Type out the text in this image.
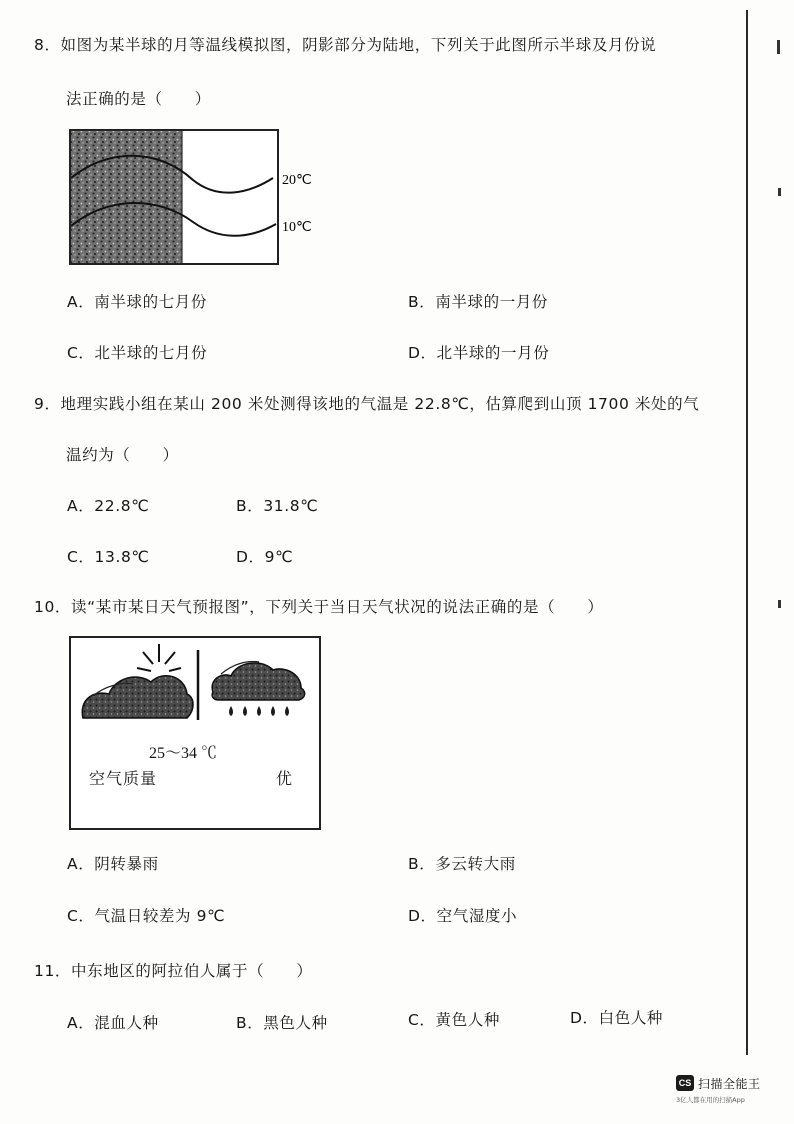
8．如图为某半球的月等温线模拟图，阴影部分为陆地，下列关于此图所示半球及月份说
法正确的是（　　）
20℃
10℃
A．南半球的七月份	B．南半球的一月份
C．北半球的七月份	D．北半球的一月份
9．地理实践小组在某山 200 米处测得该地的气温是 22.8℃，估算爬到山顶 1700 米处的气
温约为（　　）
A．22.8℃	B．31.8℃
C．13.8℃	D．9℃
10．读“某市某日天气预报图”，下列关于当日天气状况的说法正确的是（　　）
25～34 ℃
空气质量	优
A．阴转暴雨	B．多云转大雨
C．气温日较差为 9℃	D．空气湿度小
11．中东地区的阿拉伯人属于（　　）
A．混血人种	B．黑色人种	C．黄色人种	D．白色人种
CS 扫描全能王
3亿人都在用的扫描App
